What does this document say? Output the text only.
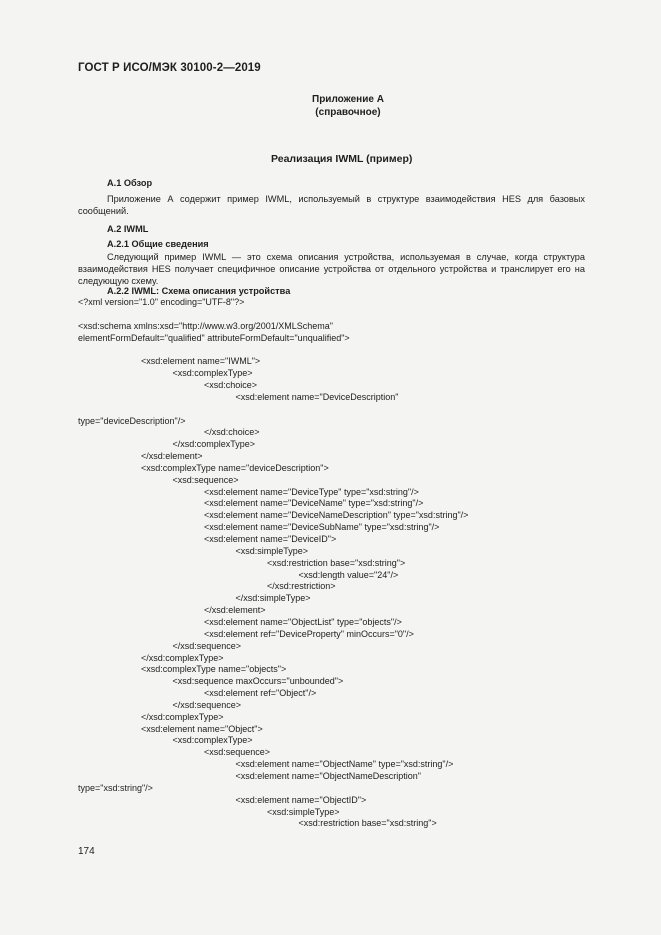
ГОСТ Р ИСО/МЭК 30100-2—2019
Приложение А
(справочное)
Реализация IWML (пример)
А.1 Обзор
Приложение А содержит пример IWML, используемый в структуре взаимодействия HES для базовых сообщений.
А.2 IWML
А.2.1 Общие сведения
Следующий пример IWML — это схема описания устройства, используемая в случае, когда структура взаимодействия HES получает специфичное описание устройства от отдельного устройства и транслирует его на следующую схему.
А.2.2 IWML: Схема описания устройства
<?xml version="1.0" encoding="UTF-8"?>
<xsd:schema xmlns:xsd="http://www.w3.org/2001/XMLSchema"
elementFormDefault="qualified" attributeFormDefault="unqualified">
<xsd:element name="IWML">
<xsd:complexType>
<xsd:choice>
<xsd:element name="DeviceDescription"
type="deviceDescription"/>
</xsd:choice>
</xsd:complexType>
</xsd:element>
<xsd:complexType name="deviceDescription">
<xsd:sequence>
<xsd:element name="DeviceType" type="xsd:string"/>
<xsd:element name="DeviceName" type="xsd:string"/>
<xsd:element name="DeviceNameDescription" type="xsd:string"/>
<xsd:element name="DeviceSubName" type="xsd:string"/>
<xsd:element name="DeviceID">
<xsd:simpleType>
<xsd:restriction base="xsd:string">
<xsd:length value="24"/>
</xsd:restriction>
</xsd:simpleType>
</xsd:element>
<xsd:element name="ObjectList" type="objects"/>
<xsd:element ref="DeviceProperty" minOccurs="0"/>
</xsd:sequence>
</xsd:complexType>
<xsd:complexType name="objects">
<xsd:sequence maxOccurs="unbounded">
<xsd:element ref="Object"/>
</xsd:sequence>
</xsd:complexType>
<xsd:element name="Object">
<xsd:complexType>
<xsd:sequence>
<xsd:element name="ObjectName" type="xsd:string"/>
<xsd:element name="ObjectNameDescription"
type="xsd:string"/>
<xsd:element name="ObjectID">
<xsd:simpleType>
<xsd:restriction base="xsd:string">
174
